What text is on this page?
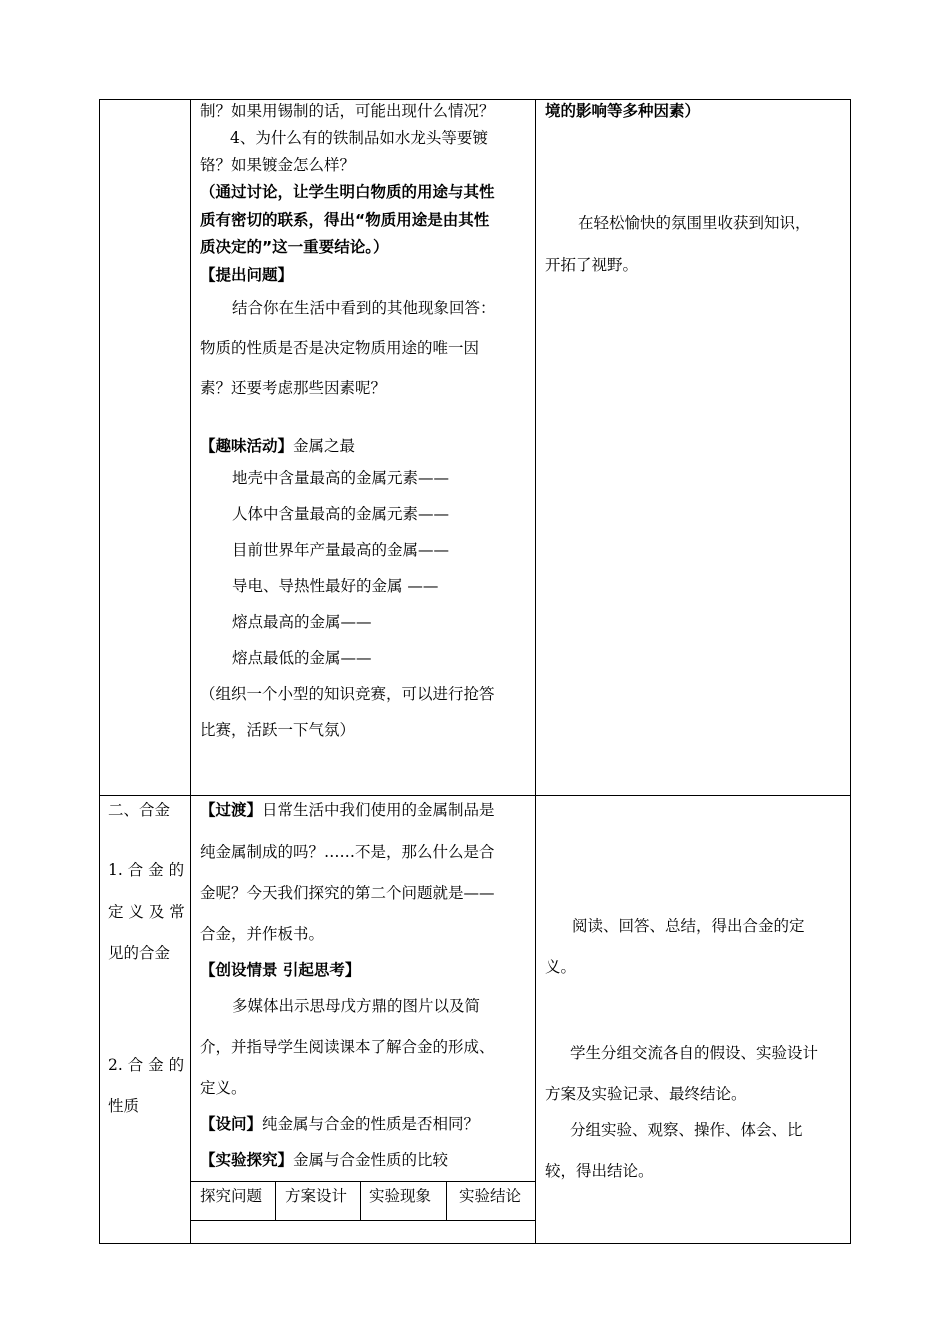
制？如果用锡制的话，可能出现什么情况？
4、为什么有的铁制品如水龙头等要镀
铬？如果镀金怎么样？
（通过讨论，让学生明白物质的用途与其性
质有密切的联系，得出“物质用途是由其性
质决定的”这一重要结论。）
【提出问题】
结合你在生活中看到的其他现象回答：
物质的性质是否是决定物质用途的唯一因
素？还要考虑那些因素呢？
【趣味活动】金属之最
地壳中含量最高的金属元素——
人体中含量最高的金属元素——
目前世界年产量最高的金属——
导电、导热性最好的金属 ——
熔点最高的金属——
熔点最低的金属——
（组织一个小型的知识竞赛，可以进行抢答
比赛，活跃一下气氛）
境的影响等多种因素）
在轻松愉快的氛围里收获到知识，
开拓了视野。
二、合金
1. 合 金 的
定 义 及 常
见的合金
2. 合 金 的
性质
【过渡】日常生活中我们使用的金属制品是
纯金属制成的吗？……不是，那么什么是合
金呢？今天我们探究的第二个问题就是——
合金，并作板书。
【创设情景 引起思考】
多媒体出示思母戊方鼎的图片以及简
介，并指导学生阅读课本了解合金的形成、
定义。
【设问】纯金属与合金的性质是否相同？
【实验探究】金属与合金性质的比较
探究问题 方案设计 实验现象 实验结论
阅读、回答、总结，得出合金的定
义。
学生分组交流各自的假设、实验设计
方案及实验记录、最终结论。
分组实验、观察、操作、体会、比
较，得出结论。
